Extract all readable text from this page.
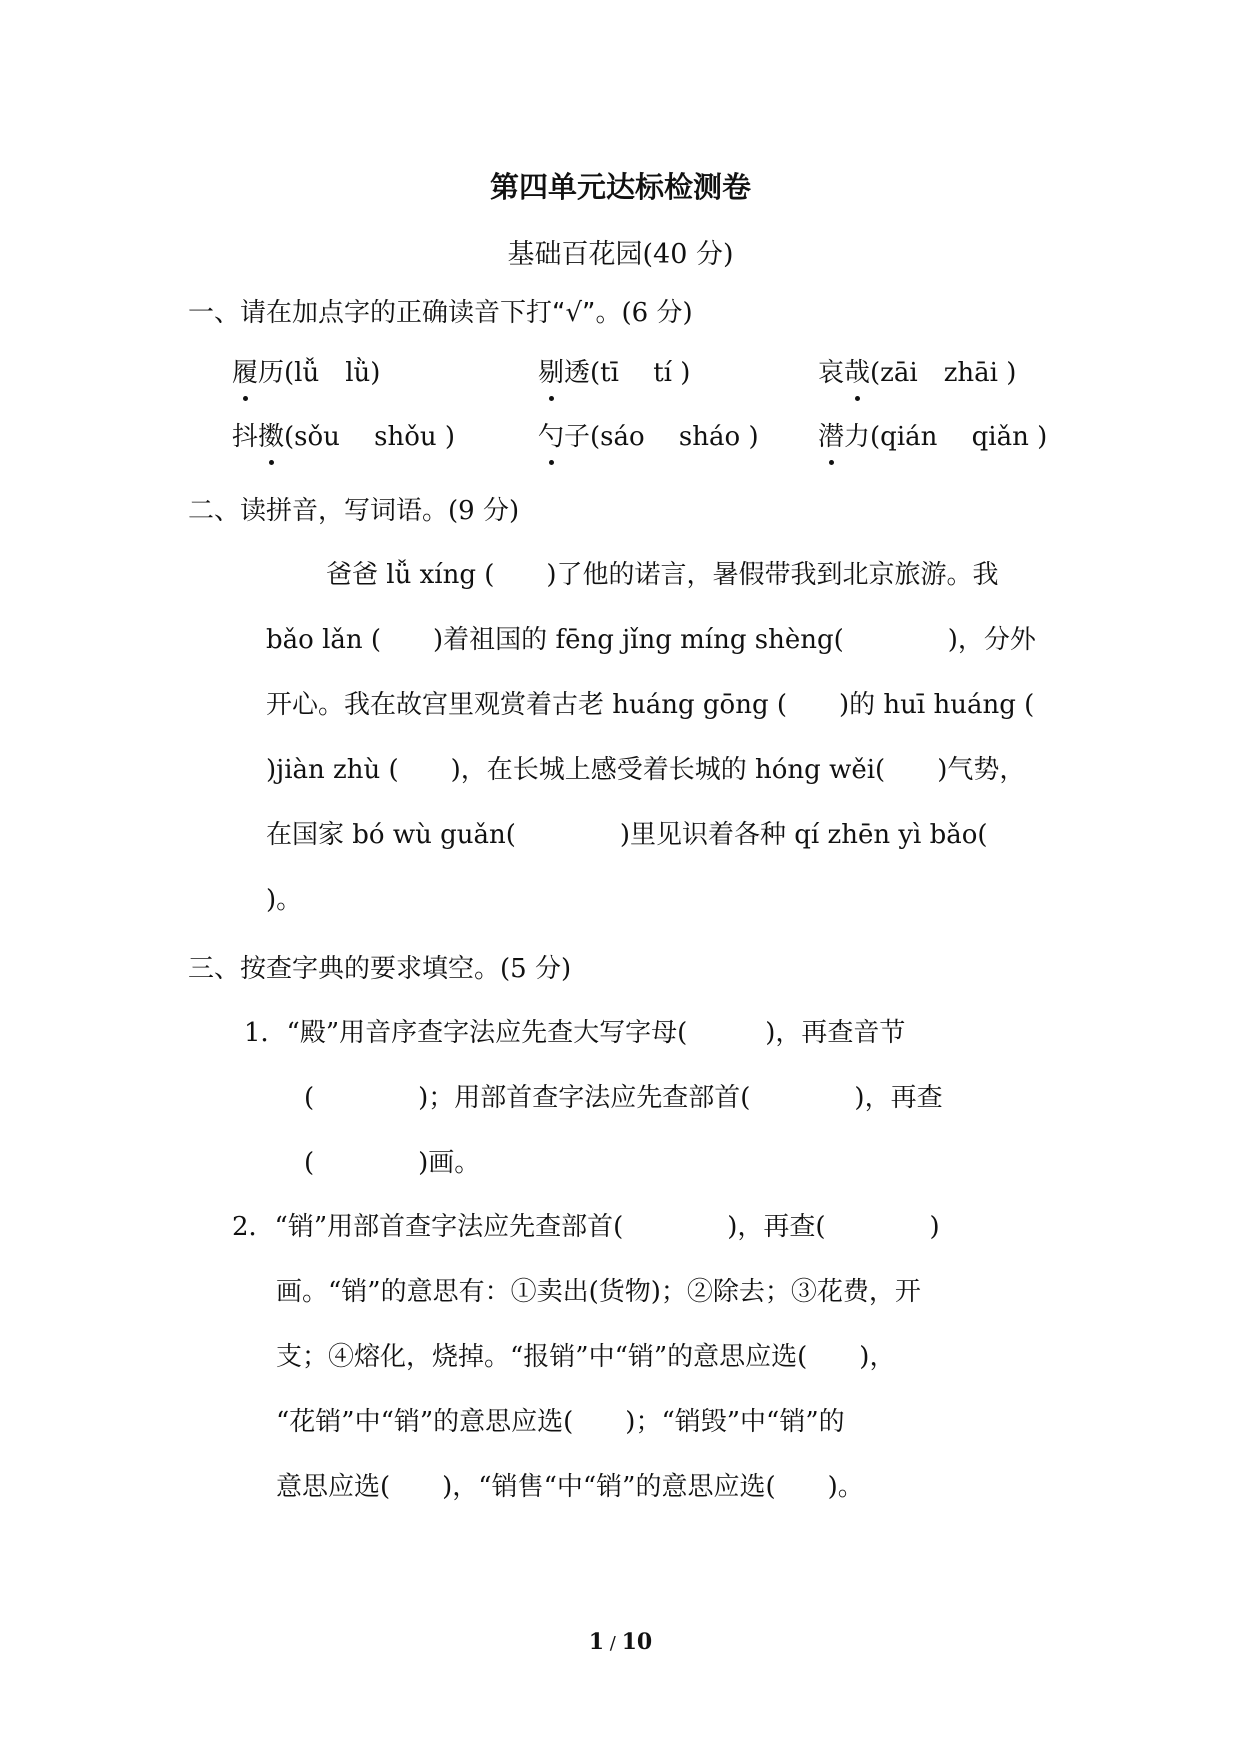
第四单元达标检测卷
基础百花园(40 分)
一、请在加点字的正确读音下打“√”。(6 分)
履历(lǚ　lǜ)	剔透(tī　 tí )	哀哉(zāi　zhāi )
抖擞(sǒu　 shǒu )	勺子(sáo　 sháo ) 潜力(qián　 qiǎn )
二、读拼音，写词语。(9 分)
爸爸 lǚ xíng (　　)了他的诺言，暑假带我到北京旅游。我
bǎo lǎn (　　)着祖国的 fēng jǐng míng shèng(　　　　)，分外
开心。我在故宫里观赏着古老 huáng gōng (　　)的 huī huáng (
)jiàn zhù (　　)，在长城上感受着长城的 hóng wěi(　　)气势，
在国家 bó wù guǎn(　　　　)里见识着各种 qí zhēn yì bǎo(
)。
三、按查字典的要求填空。(5 分)
1．“殿”用音序查字法应先查大写字母(　　　)，再查音节
(　　　　)；用部首查字法应先查部首(　　　　)，再查
(　　　　)画。
2．“销”用部首查字法应先查部首(　　　　)，再查(　　　　)
画。“销”的意思有：①卖出(货物)；②除去；③花费，开
支；④熔化，烧掉。“报销”中“销”的意思应选(　　)，
“花销”中“销”的意思应选(　　)；“销毁”中“销”的
意思应选(　　)，“销售“中“销”的意思应选(　　)。
1 / 10
